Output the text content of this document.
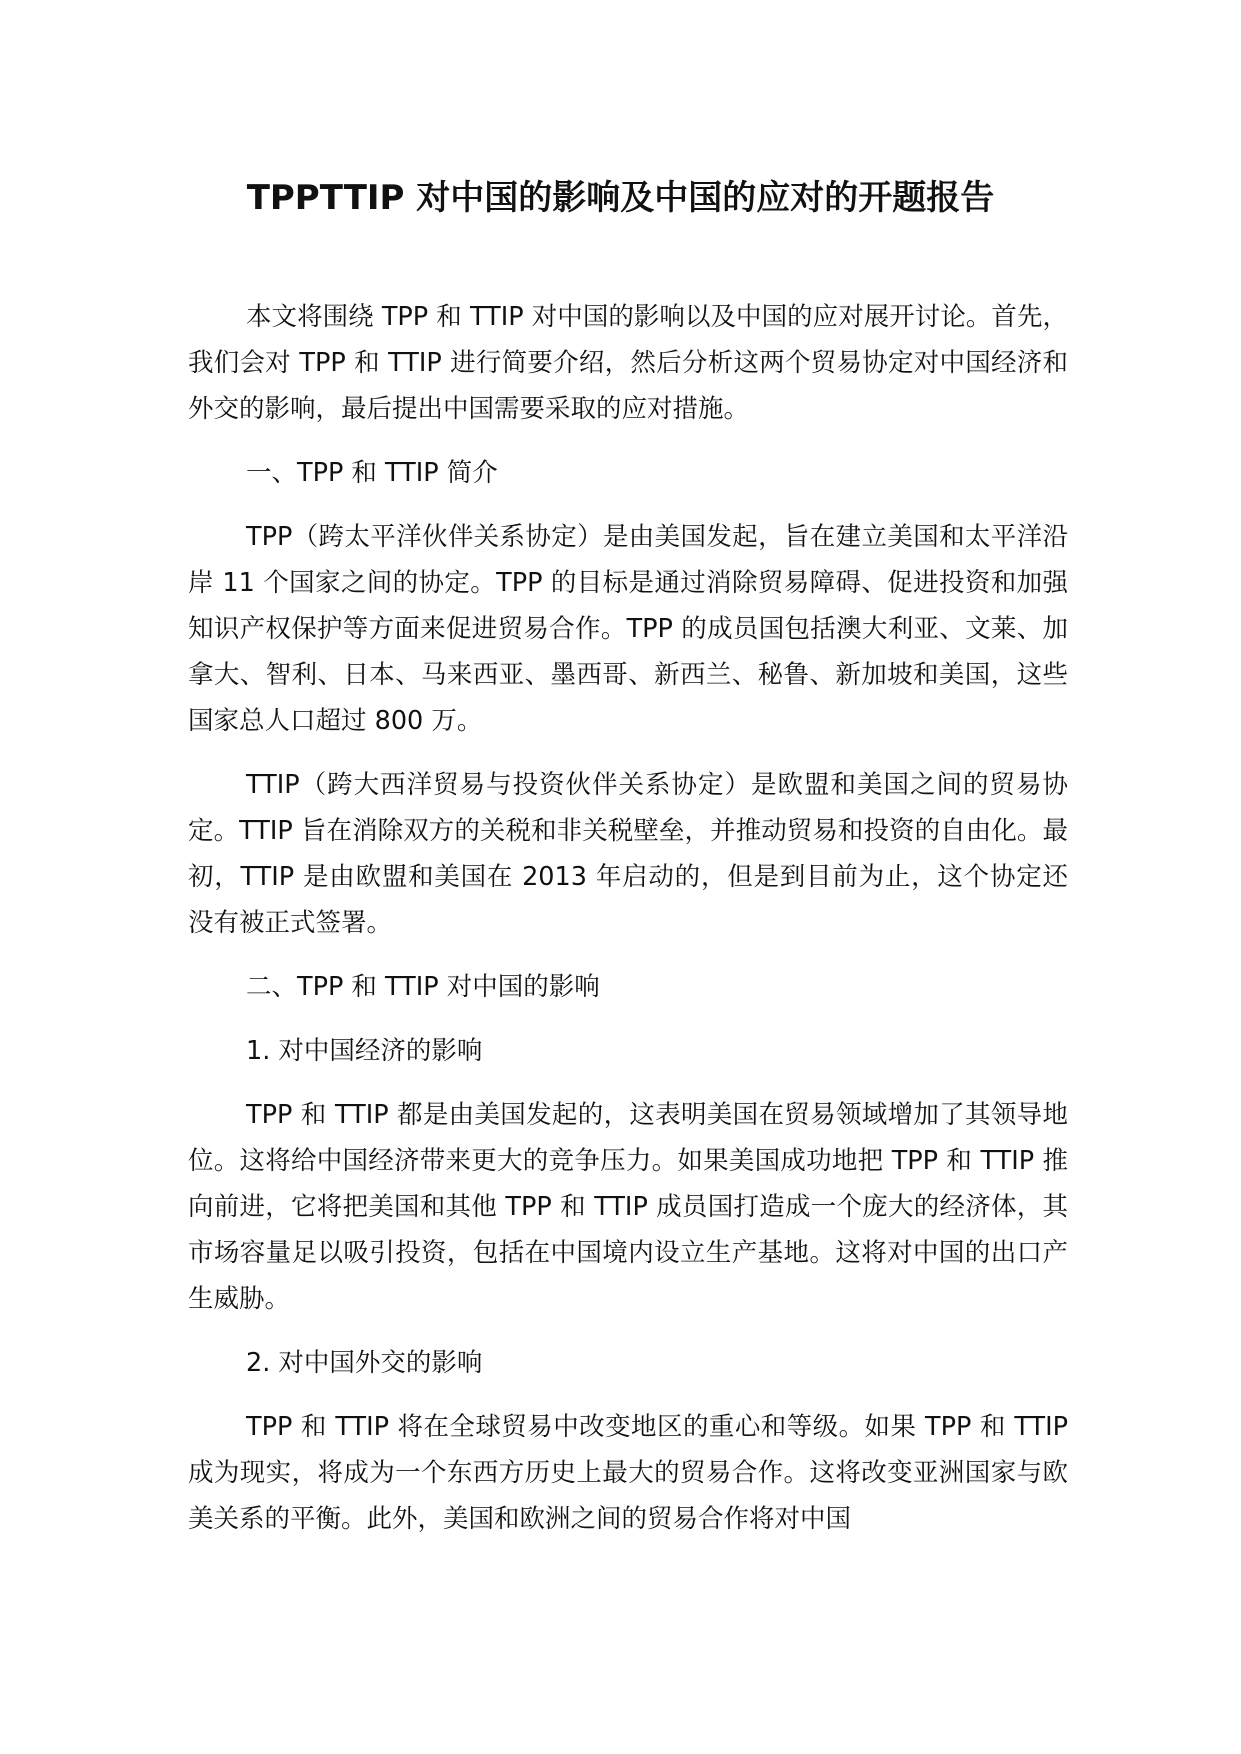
TPPTTIP 对中国的影响及中国的应对的开题报告

本文将围绕 TPP 和 TTIP 对中国的影响以及中国的应对展开讨论。首先，我们会对 TPP 和 TTIP 进行简要介绍，然后分析这两个贸易协定对中国经济和外交的影响，最后提出中国需要采取的应对措施。

一、TPP 和 TTIP 简介

TPP（跨太平洋伙伴关系协定）是由美国发起，旨在建立美国和太平洋沿岸 11 个国家之间的协定。TPP 的目标是通过消除贸易障碍、促进投资和加强知识产权保护等方面来促进贸易合作。TPP 的成员国包括澳大利亚、文莱、加拿大、智利、日本、马来西亚、墨西哥、新西兰、秘鲁、新加坡和美国，这些国家总人口超过 800 万。

TTIP（跨大西洋贸易与投资伙伴关系协定）是欧盟和美国之间的贸易协定。TTIP 旨在消除双方的关税和非关税壁垒，并推动贸易和投资的自由化。最初，TTIP 是由欧盟和美国在 2013 年启动的，但是到目前为止，这个协定还没有被正式签署。

二、TPP 和 TTIP 对中国的影响

1. 对中国经济的影响

TPP 和 TTIP 都是由美国发起的，这表明美国在贸易领域增加了其领导地位。这将给中国经济带来更大的竞争压力。如果美国成功地把 TPP 和 TTIP 推向前进，它将把美国和其他 TPP 和 TTIP 成员国打造成一个庞大的经济体，其市场容量足以吸引投资，包括在中国境内设立生产基地。这将对中国的出口产生威胁。

2. 对中国外交的影响

TPP 和 TTIP 将在全球贸易中改变地区的重心和等级。如果 TPP 和 TTIP 成为现实，将成为一个东西方历史上最大的贸易合作。这将改变亚洲国家与欧美关系的平衡。此外，美国和欧洲之间的贸易合作将对中国
